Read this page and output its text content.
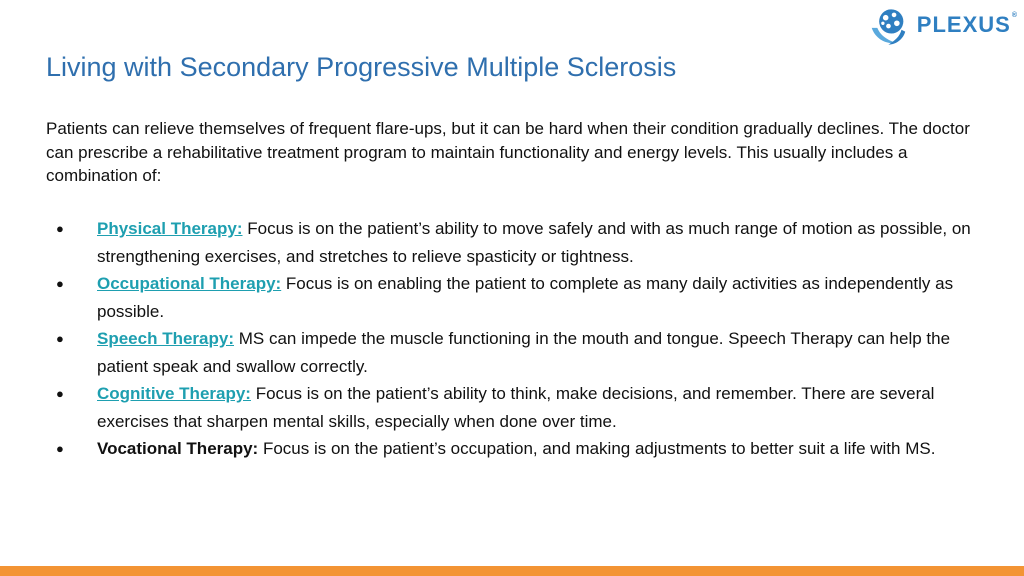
PLEXUS®
Living with Secondary Progressive Multiple Sclerosis

Patients can relieve themselves of frequent flare-ups, but it can be hard when their condition gradually declines. The doctor can prescribe a rehabilitative treatment program to maintain functionality and energy levels. This usually includes a combination of:

● Physical Therapy: Focus is on the patient’s ability to move safely and with as much range of motion as possible, on strengthening exercises, and stretches to relieve spasticity or tightness.
● Occupational Therapy: Focus is on enabling the patient to complete as many daily activities as independently as possible.
● Speech Therapy: MS can impede the muscle functioning in the mouth and tongue. Speech Therapy can help the patient speak and swallow correctly.
● Cognitive Therapy: Focus is on the patient’s ability to think, make decisions, and remember. There are several exercises that sharpen mental skills, especially when done over time.
● Vocational Therapy: Focus is on the patient’s occupation, and making adjustments to better suit a life with MS.
